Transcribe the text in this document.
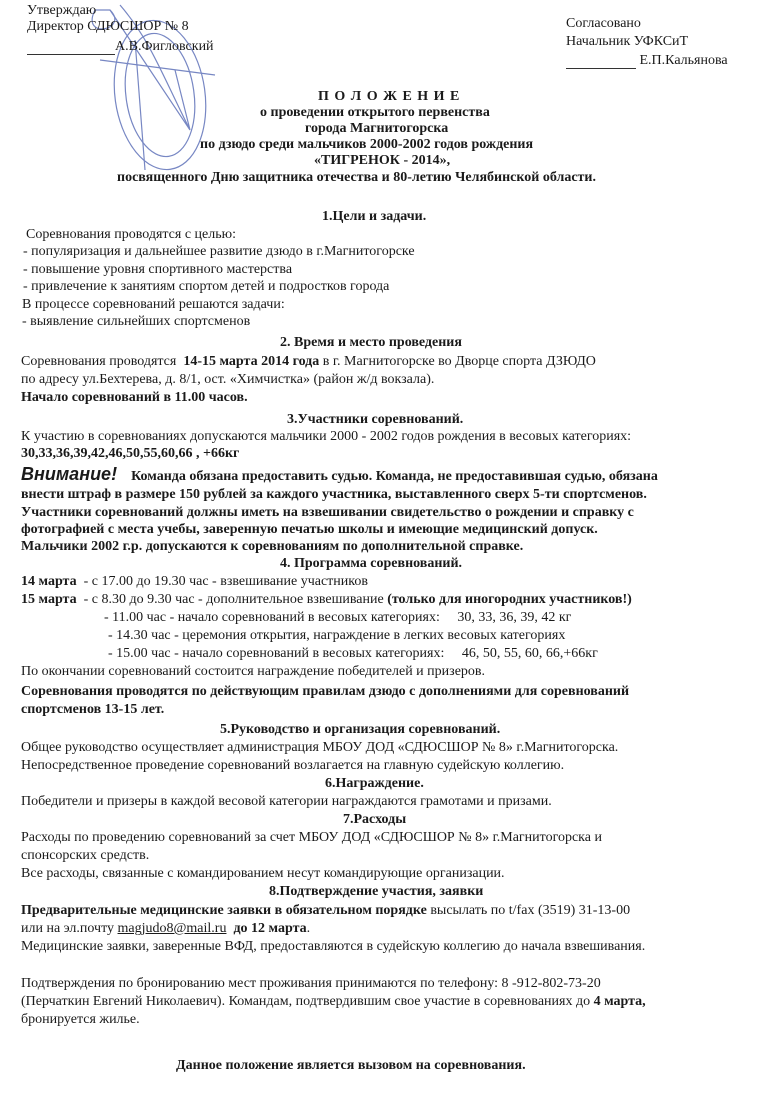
Утверждаю
Директор СДЮСШОР № 8
А.В.Фигловский
Согласовано
Начальник УФКСиТ
Е.П.Кальянова
П О Л О Ж Е Н И Е
о проведении открытого первенства
города Магнитогорска
по дзюдо среди мальчиков 2000-2002 годов рождения
«ТИГРЕНОК - 2014»,
посвященного Дню защитника отечества и 80-летию Челябинской области.
1.Цели и задачи.
Соревнования проводятся с целью:
- популяризация и дальнейшее развитие дзюдо в г.Магнитогорске
- повышение уровня спортивного мастерства
- привлечение к занятиям спортом детей и подростков города
В процессе соревнований решаются задачи:
- выявление сильнейших спортсменов
2. Время и место проведения
Соревнования проводятся 14-15 марта 2014 года в г. Магнитогорске во Дворце спорта ДЗЮДО
по адресу ул.Бехтерева, д. 8/1, ост. «Химчистка» (район ж/д вокзала).
Начало соревнований в 11.00 часов.
3.Участники соревнований.
К участию в соревнованиях допускаются мальчики 2000 - 2002 годов рождения в весовых категориях:
30,33,36,39,42,46,50,55,60,66 , +66кг
Внимание! Команда обязана предоставить судью. Команда, не предоставившая судью, обязана
внести штраф в размере 150 рублей за каждого участника, выставленного сверх 5-ти спортсменов.
Участники соревнований должны иметь на взвешивании свидетельство о рождении и справку с
фотографией с места учебы, заверенную печатью школы и имеющие медицинский допуск.
Мальчики 2002 г.р. допускаются к соревнованиям по дополнительной справке.
4. Программа соревнований.
14 марта - с 17.00 до 19.30 час - взвешивание участников
15 марта - с 8.30 до 9.30 час - дополнительное взвешивание (только для иногородних участников!)
- 11.00 час - начало соревнований в весовых категориях: 30, 33, 36, 39, 42 кг
- 14.30 час - церемония открытия, награждение в легких весовых категориях
- 15.00 час - начало соревнований в весовых категориях: 46, 50, 55, 60, 66,+66кг
По окончании соревнований состоится награждение победителей и призеров.
Соревнования проводятся по действующим правилам дзюдо с дополнениями для соревнований
спортсменов 13-15 лет.
5.Руководство и организация соревнований.
Общее руководство осуществляет администрация МБОУ ДОД «СДЮСШОР № 8» г.Магнитогорска.
Непосредственное проведение соревнований возлагается на главную судейскую коллегию.
6.Награждение.
Победители и призеры в каждой весовой категории награждаются грамотами и призами.
7.Расходы
Расходы по проведению соревнований за счет МБОУ ДОД «СДЮСШОР № 8» г.Магнитогорска и
спонсорских средств.
Все расходы, связанные с командированием несут командирующие организации.
8.Подтверждение участия, заявки
Предварительные медицинские заявки в обязательном порядке высылать по t/fax (3519) 31-13-00
или на эл.почту magjudo8@mail.ru до 12 марта.
Медицинские заявки, заверенные ВФД, предоставляются в судейскую коллегию до начала взвешивания.
Подтверждения по бронированию мест проживания принимаются по телефону: 8 -912-802-73-20
(Перчаткин Евгений Николаевич). Командам, подтвердившим свое участие в соревнованиях до 4 марта,
бронируется жилье.
Данное положение является вызовом на соревнования.
